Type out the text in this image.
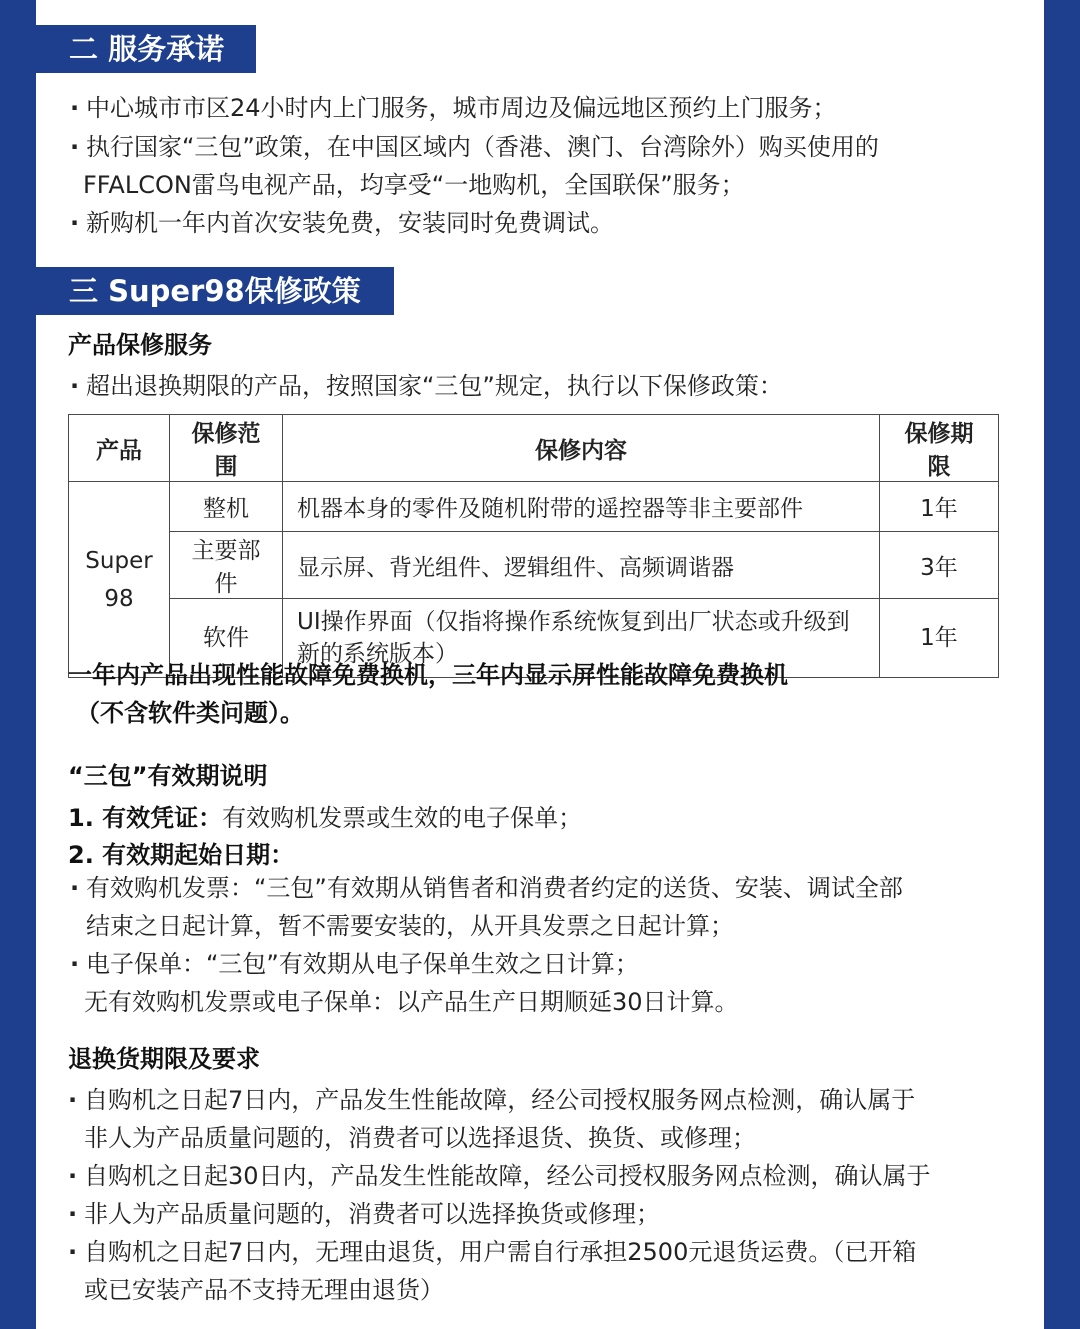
二 服务承诺
· 中心城市市区24小时内上门服务，城市周边及偏远地区预约上门服务；
· 执行国家“三包”政策，在中国区域内（香港、澳门、台湾除外）购买使用的
FFALCON雷鸟电视产品，均享受“一地购机，全国联保”服务；
· 新购机一年内首次安装免费，安装同时免费调试。
三 Super98保修政策
产品保修服务
· 超出退换期限的产品，按照国家“三包”规定，执行以下保修政策：
产品	保修范围	保修内容	保修期限
Super 98	整机	机器本身的零件及随机附带的遥控器等非主要部件	1年
	主要部件	显示屏、背光组件、逻辑组件、高频调谐器	3年
	软件	UI操作界面（仅指将操作系统恢复到出厂状态或升级到新的系统版本）	1年
一年内产品出现性能故障免费换机，三年内显示屏性能故障免费换机
（不含软件类问题）。
“三包”有效期说明
1. 有效凭证：有效购机发票或生效的电子保单；
2. 有效期起始日期：
· 有效购机发票：“三包”有效期从销售者和消费者约定的送货、安装、调试全部
结束之日起计算，暂不需要安装的，从开具发票之日起计算；
· 电子保单：“三包”有效期从电子保单生效之日计算；
无有效购机发票或电子保单：以产品生产日期顺延30日计算。
退换货期限及要求
· 自购机之日起7日内，产品发生性能故障，经公司授权服务网点检测，确认属于
非人为产品质量问题的，消费者可以选择退货、换货、或修理；
· 自购机之日起30日内，产品发生性能故障，经公司授权服务网点检测，确认属于
· 非人为产品质量问题的，消费者可以选择换货或修理；
· 自购机之日起7日内，无理由退货，用户需自行承担2500元退货运费。（已开箱
或已安装产品不支持无理由退货）
